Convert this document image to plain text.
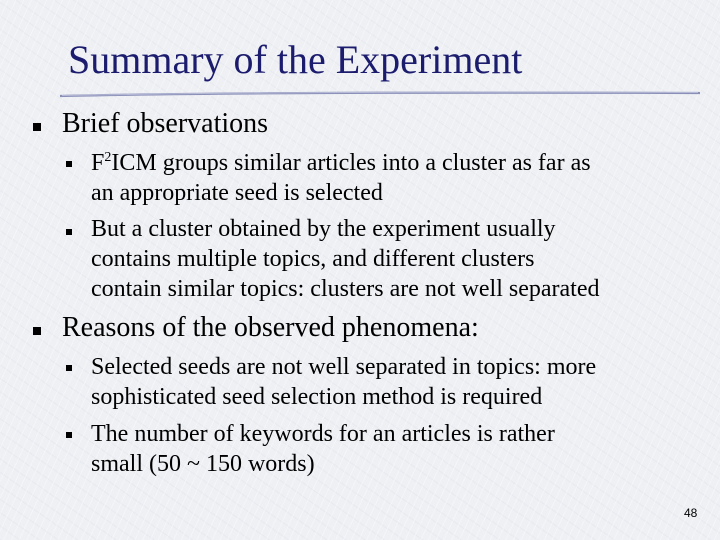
Summary of the Experiment
Brief observations
$F^2ICM$ groups similar articles into a cluster as far as
an appropriate seed is selected
But a cluster obtained by the experiment usually
contains multiple topics, and different clusters
contain similar topics: clusters are not well separated
Reasons of the observed phenomena:
Selected seeds are not well separated in topics: more
sophisticated seed selection method is required
The number of keywords for an articles is rather
small (50 ~ 150 words)
48
